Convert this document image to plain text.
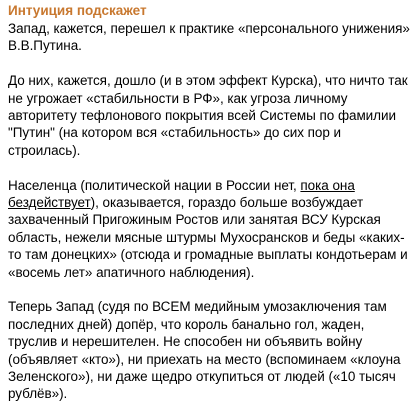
Интуиция подскажет
Запад, кажется, перешел к практике «персонального унижения»
В.В.Путина.
До них, кажется, дошло (и в этом эффект Курска), что ничто так
не угрожает «стабильности в РФ», как угроза личному
авторитету тефлонового покрытия всей Системы по фамилии
"Путин" (на котором вся «стабильность» до сих пор и строилась).
Населенца (политической нации в России нет, пока она
бездействует), оказывается, гораздо больше возбуждает
захваченный Пригожиным Ростов или занятая ВСУ Курская
область, нежели мясные штурмы Мухосрансков и беды «каких-
то там донецких» (отсюда и громадные выплаты кондотьерам и
«восемь лет» апатичного наблюдения).
Теперь Запад (судя по ВСЕМ медийным умозаключения там
последних дней) допёр, что король банально гол, жаден,
труслив и нерешителен. Не способен ни объявить войну
(объявляет «кто»), ни приехать на место (вспоминаем «клоуна
Зеленского»), ни даже щедро откупиться от людей («10 тысяч
рублёв»).
